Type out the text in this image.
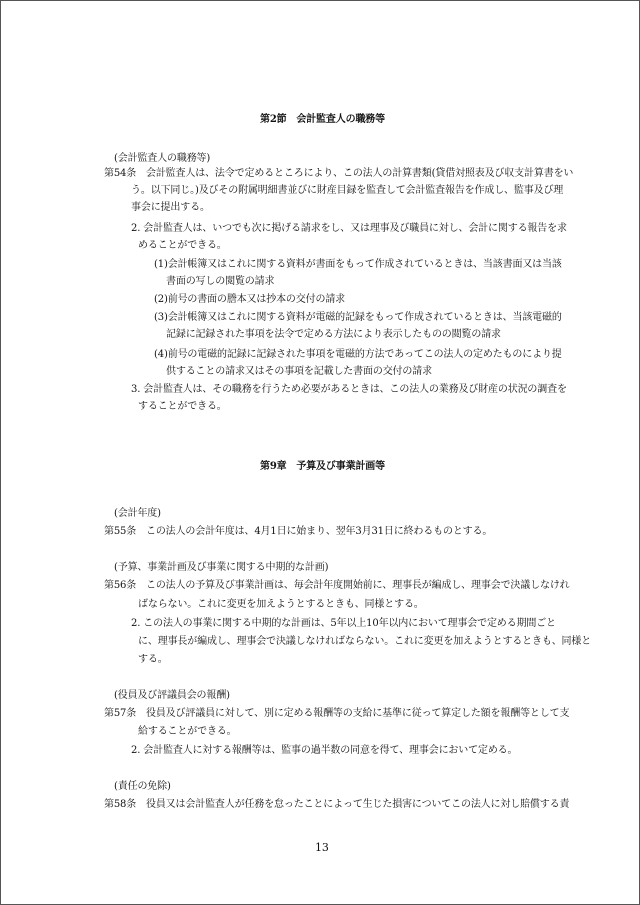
第2節　会計監査人の職務等
(会計監査人の職務等)
第54条　会計監査人は、法令で定めるところにより、この法人の計算書類(貸借対照表及び収支計算書をい
う。以下同じ。)及びその附属明細書並びに財産目録を監査して会計監査報告を作成し、監事及び理
事会に提出する。
2. 会計監査人は、いつでも次に掲げる請求をし、又は理事及び職員に対し、会計に関する報告を求
めることができる。
(1)会計帳簿又はこれに関する資料が書面をもって作成されているときは、当該書面又は当該
書面の写しの閲覧の請求
(2)前号の書面の謄本又は抄本の交付の請求
(3)会計帳簿又はこれに関する資料が電磁的記録をもって作成されているときは、当該電磁的
記録に記録された事項を法令で定める方法により表示したものの閲覧の請求
(4)前号の電磁的記録に記録された事項を電磁的方法であってこの法人の定めたものにより提
供することの請求又はその事項を記載した書面の交付の請求
3. 会計監査人は、その職務を行うため必要があるときは、この法人の業務及び財産の状況の調査を
することができる。
第9章　予算及び事業計画等
(会計年度)
第55条　この法人の会計年度は、4月1日に始まり、翌年3月31日に終わるものとする。
(予算、事業計画及び事業に関する中期的な計画)
第56条　この法人の予算及び事業計画は、毎会計年度開始前に、理事長が編成し、理事会で決議しなけれ
ばならない。これに変更を加えようとするときも、同様とする。
2. この法人の事業に関する中期的な計画は、5年以上10年以内において理事会で定める期間ごと
に、理事長が編成し、理事会で決議しなければならない。これに変更を加えようとするときも、同様と
する。
(役員及び評議員会の報酬)
第57条　役員及び評議員に対して、別に定める報酬等の支給に基準に従って算定した額を報酬等として支
給することができる。
2. 会計監査人に対する報酬等は、監事の過半数の同意を得て、理事会において定める。
(責任の免除)
第58条　役員又は会計監査人が任務を怠ったことによって生じた損害についてこの法人に対し賠償する責
13
